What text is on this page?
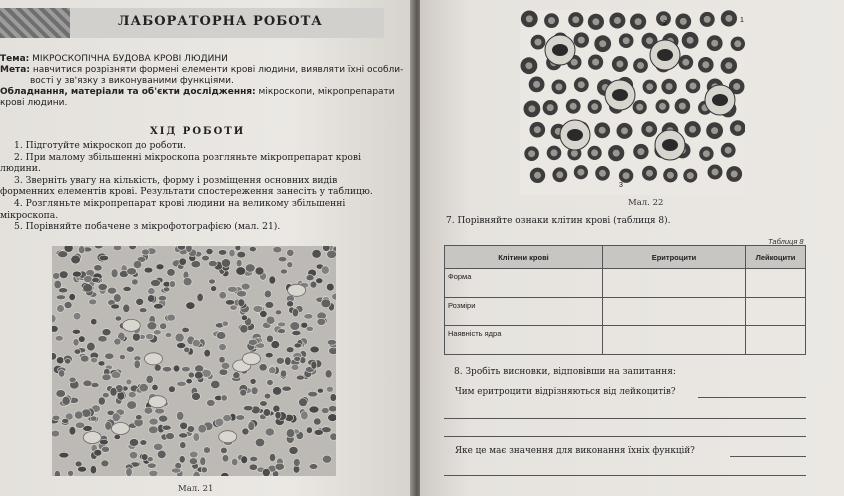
ЛАБОРАТОРНА РОБОТА
Тема: МІКРОСКОПІЧНА БУДОВА КРОВІ ЛЮДИНИ
Мета: навчитися розрізняти формені елементи крові людини, виявляти їхні особли-
вості у зв'язку з виконуваними функціями.
Обладнання, матеріали та об'єкти дослідження: мікроскопи, мікропрепарати
крові людини.
ХІД РОБОТИ

1. Підготуйте мікроскоп до роботи.

2. При малому збільшенні мікроскопа розгляньте мікропрепарат крові

людини.

3. Зверніть увагу на кількість, форму і розміщення основних видів

форменних елементів крові. Результати спостереження занесіть у таблицю.

4. Розгляньте мікропрепарат крові людини на великому збільшенні

мікроскопа.

5. Порівняйте побачене з мікрофотографією (мал. 21).

Мал. 21
2	1
3
Мал. 22
7. Порівняйте ознаки клітин крові (таблиця 8).
Таблиця 8
Клітини крові	Еритроцити	Лейкоцити
Форма		
Розміри		
Наявність ядра		
8. Зробіть висновки, відповівши на запитання:
Чим еритроцити відрізняються від лейкоцитів?
Яке це має значення для виконання їхніх функцій?
